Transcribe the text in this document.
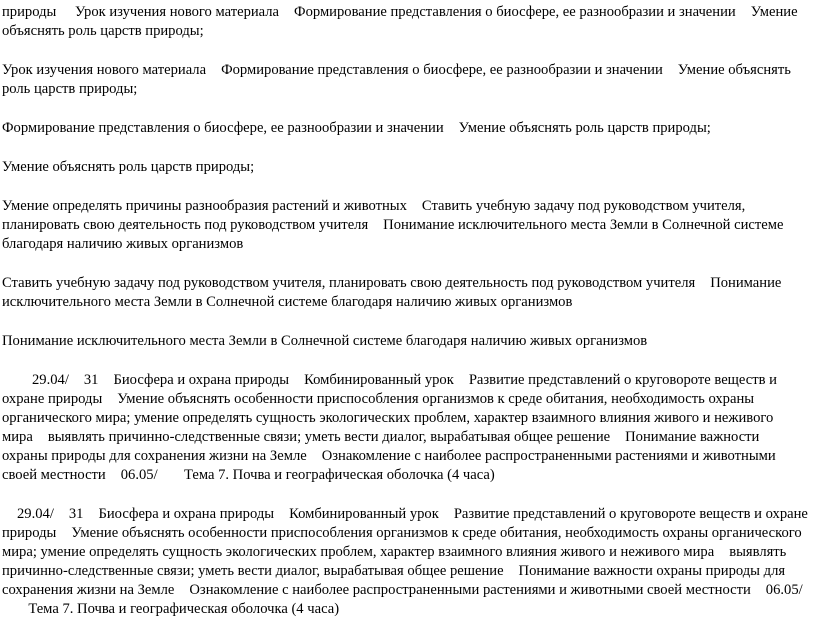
природы Урок изучения нового материала Формирование представления о биосфере, ее разнообразии и значении Умение объяснять роль царств природы;

Урок изучения нового материала Формирование представления о биосфере, ее разнообразии и значении Умение объяснять роль царств природы;

Формирование представления о биосфере, ее разнообразии и значении Умение объяснять роль царств природы;

Умение объяснять роль царств природы;

Умение определять причины разнообразия растений и животных Ставить учебную задачу под руководством учителя, планировать свою деятельность под руководством учителя Понимание исключительного места Земли в Солнечной системе благодаря наличию живых организмов

Ставить учебную задачу под руководством учителя, планировать свою деятельность под руководством учителя Понимание исключительного места Земли в Солнечной системе благодаря наличию живых организмов

Понимание исключительного места Земли в Солнечной системе благодаря наличию живых организмов

29.04/ 31 Биосфера и охрана природы Комбинированный урок Развитие представлений о круговороте веществ и охране природы Умение объяснять особенности приспособления организмов к среде обитания, необходимость охраны органического мира; умение определять сущность экологических проблем, характер взаимного влияния живого и неживого мира выявлять причинно-следственные связи; уметь вести диалог, вырабатывая общее решение Понимание важности охраны природы для сохранения жизни на Земле Ознакомление с наиболее распространенными растениями и животными своей местности 06.05/ Тема 7. Почва и географическая оболочка (4 часа)

29.04/ 31 Биосфера и охрана природы Комбинированный урок Развитие представлений о круговороте веществ и охране природы Умение объяснять особенности приспособления организмов к среде обитания, необходимость охраны органического мира; умение определять сущность экологических проблем, характер взаимного влияния живого и неживого мира выявлять причинно-следственные связи; уметь вести диалог, вырабатывая общее решение Понимание важности охраны природы для сохранения жизни на Земле Ознакомление с наиболее распространенными растениями и животными своей местности 06.05/ Тема 7. Почва и географическая оболочка (4 часа)
